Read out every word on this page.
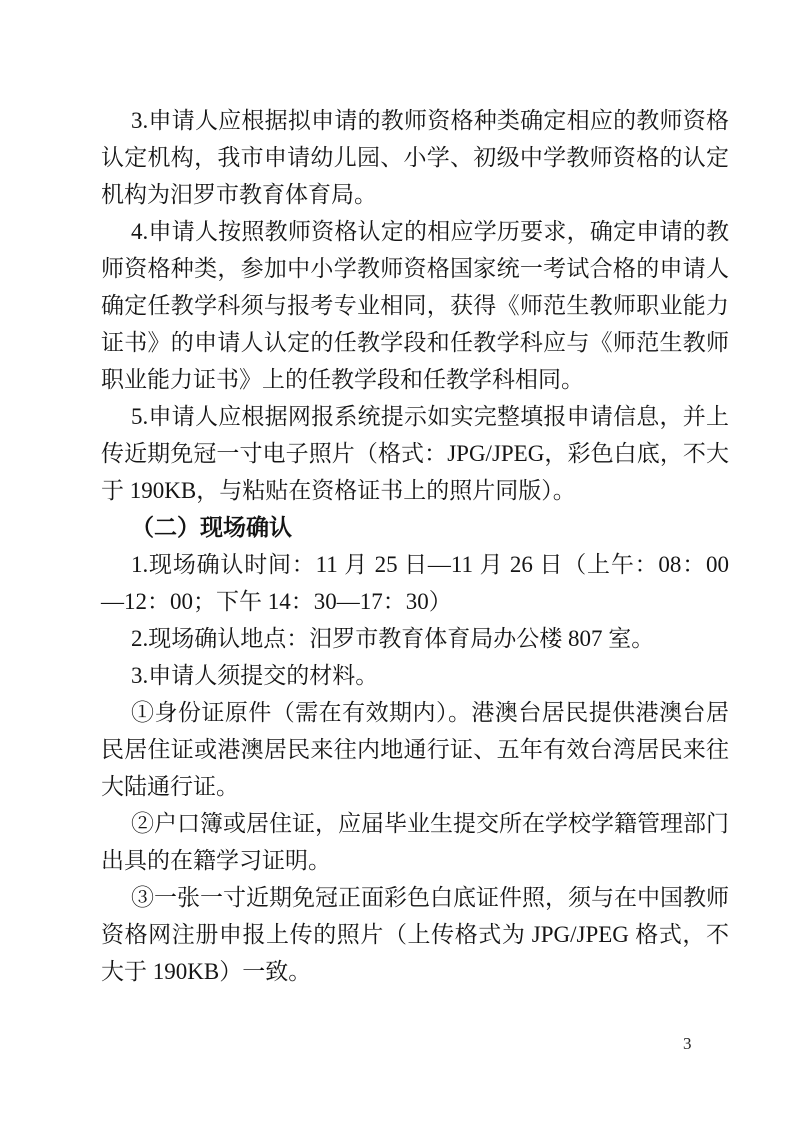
3.申请人应根据拟申请的教师资格种类确定相应的教师资格认定机构，我市申请幼儿园、小学、初级中学教师资格的认定机构为汨罗市教育体育局。

4.申请人按照教师资格认定的相应学历要求，确定申请的教师资格种类，参加中小学教师资格国家统一考试合格的申请人确定任教学科须与报考专业相同，获得《师范生教师职业能力证书》的申请人认定的任教学段和任教学科应与《师范生教师职业能力证书》上的任教学段和任教学科相同。

5.申请人应根据网报系统提示如实完整填报申请信息，并上传近期免冠一寸电子照片（格式：JPG/JPEG，彩色白底，不大于 190KB，与粘贴在资格证书上的照片同版）。

（二）现场确认

1.现场确认时间：11 月 25 日—11 月 26 日（上午：08：00—12：00；下午 14：30—17：30）

2.现场确认地点：汨罗市教育体育局办公楼 807 室。

3.申请人须提交的材料。

①身份证原件（需在有效期内）。港澳台居民提供港澳台居民居住证或港澳居民来往内地通行证、五年有效台湾居民来往大陆通行证。

②户口簿或居住证，应届毕业生提交所在学校学籍管理部门出具的在籍学习证明。

③一张一寸近期免冠正面彩色白底证件照，须与在中国教师资格网注册申报上传的照片（上传格式为 JPG/JPEG 格式，不大于 190KB）一致。

3
